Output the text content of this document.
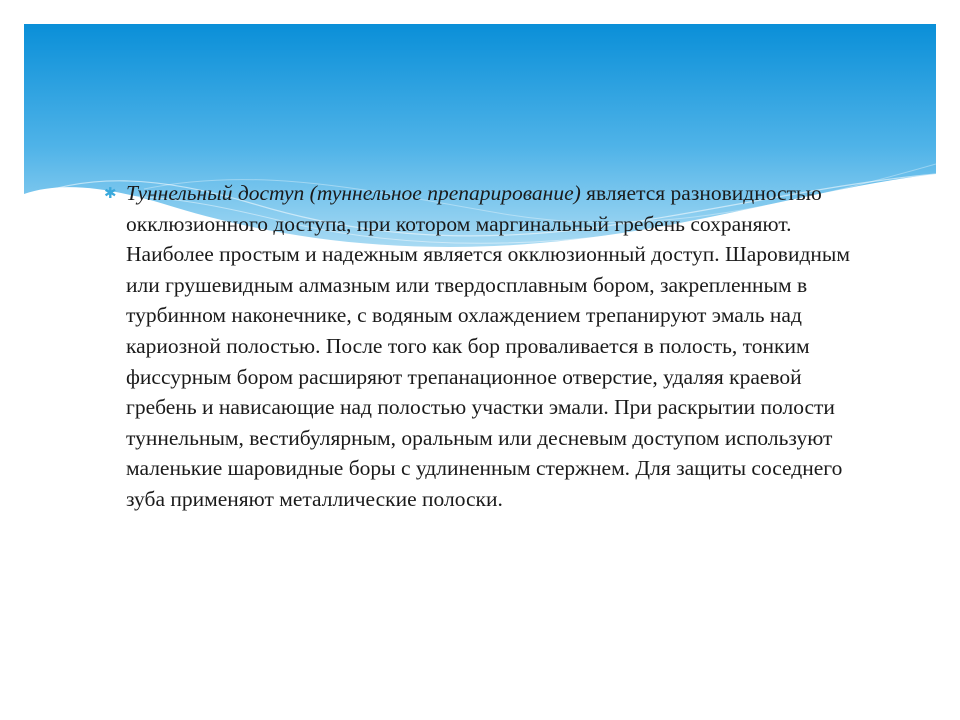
✱ Туннельный доступ (туннельное препарирование) является разновидностью окклюзионного доступа, при котором маргинальный гребень сохраняют.
Наиболее простым и надежным является окклюзионный доступ. Шаровидным или грушевидным алмазным или твердосплавным бором, закрепленным в турбинном наконечнике, с водяным охлаждением трепанируют эмаль над кариозной полостью. После того как бор проваливается в полость, тонким фиссурным бором расширяют трепанационное отверстие, удаляя краевой гребень и нависающие над полостью участки эмали. При раскрытии полости туннельным, вестибулярным, оральным или десневым доступом используют маленькие шаровидные боры с удлиненным стержнем. Для защиты соседнего зуба применяют металлические полоски.
